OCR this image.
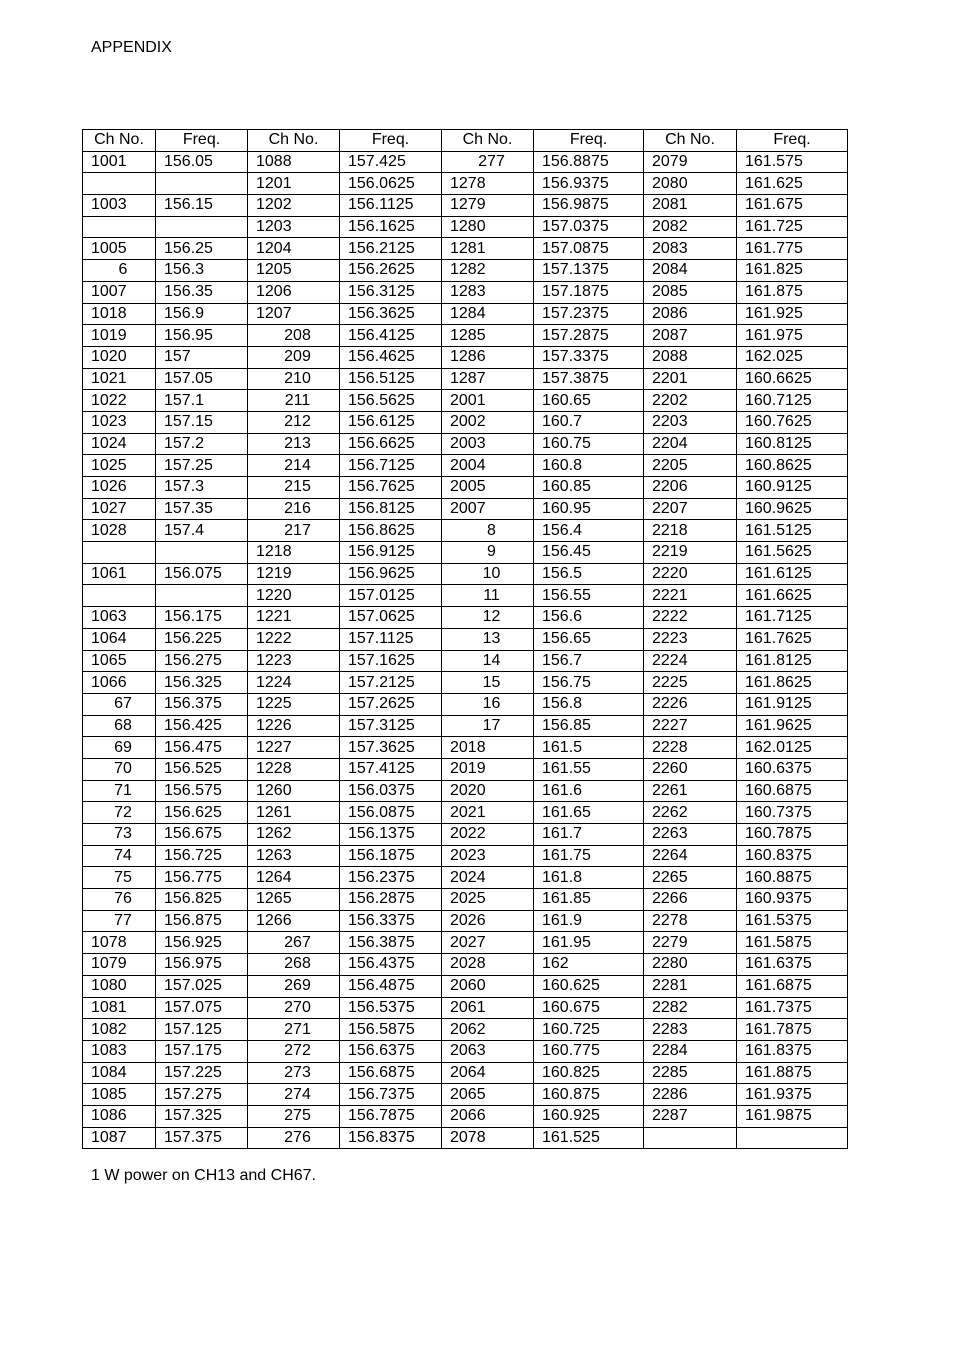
APPENDIX
Ch No.	Freq.	Ch No.	Freq.	Ch No.	Freq.	Ch No.	Freq.
1001	156.05	1088	157.425	277	156.8875	2079	161.575
		1201	156.0625	1278	156.9375	2080	161.625
1003	156.15	1202	156.1125	1279	156.9875	2081	161.675
		1203	156.1625	1280	157.0375	2082	161.725
1005	156.25	1204	156.2125	1281	157.0875	2083	161.775
6	156.3	1205	156.2625	1282	157.1375	2084	161.825
1007	156.35	1206	156.3125	1283	157.1875	2085	161.875
1018	156.9	1207	156.3625	1284	157.2375	2086	161.925
1019	156.95	208	156.4125	1285	157.2875	2087	161.975
1020	157	209	156.4625	1286	157.3375	2088	162.025
1021	157.05	210	156.5125	1287	157.3875	2201	160.6625
1022	157.1	211	156.5625	2001	160.65	2202	160.7125
1023	157.15	212	156.6125	2002	160.7	2203	160.7625
1024	157.2	213	156.6625	2003	160.75	2204	160.8125
1025	157.25	214	156.7125	2004	160.8	2205	160.8625
1026	157.3	215	156.7625	2005	160.85	2206	160.9125
1027	157.35	216	156.8125	2007	160.95	2207	160.9625
1028	157.4	217	156.8625	8	156.4	2218	161.5125
		1218	156.9125	9	156.45	2219	161.5625
1061	156.075	1219	156.9625	10	156.5	2220	161.6125
		1220	157.0125	11	156.55	2221	161.6625
1063	156.175	1221	157.0625	12	156.6	2222	161.7125
1064	156.225	1222	157.1125	13	156.65	2223	161.7625
1065	156.275	1223	157.1625	14	156.7	2224	161.8125
1066	156.325	1224	157.2125	15	156.75	2225	161.8625
67	156.375	1225	157.2625	16	156.8	2226	161.9125
68	156.425	1226	157.3125	17	156.85	2227	161.9625
69	156.475	1227	157.3625	2018	161.5	2228	162.0125
70	156.525	1228	157.4125	2019	161.55	2260	160.6375
71	156.575	1260	156.0375	2020	161.6	2261	160.6875
72	156.625	1261	156.0875	2021	161.65	2262	160.7375
73	156.675	1262	156.1375	2022	161.7	2263	160.7875
74	156.725	1263	156.1875	2023	161.75	2264	160.8375
75	156.775	1264	156.2375	2024	161.8	2265	160.8875
76	156.825	1265	156.2875	2025	161.85	2266	160.9375
77	156.875	1266	156.3375	2026	161.9	2278	161.5375
1078	156.925	267	156.3875	2027	161.95	2279	161.5875
1079	156.975	268	156.4375	2028	162	2280	161.6375
1080	157.025	269	156.4875	2060	160.625	2281	161.6875
1081	157.075	270	156.5375	2061	160.675	2282	161.7375
1082	157.125	271	156.5875	2062	160.725	2283	161.7875
1083	157.175	272	156.6375	2063	160.775	2284	161.8375
1084	157.225	273	156.6875	2064	160.825	2285	161.8875
1085	157.275	274	156.7375	2065	160.875	2286	161.9375
1086	157.325	275	156.7875	2066	160.925	2287	161.9875
1087	157.375	276	156.8375	2078	161.525		
1 W power on CH13 and CH67.
